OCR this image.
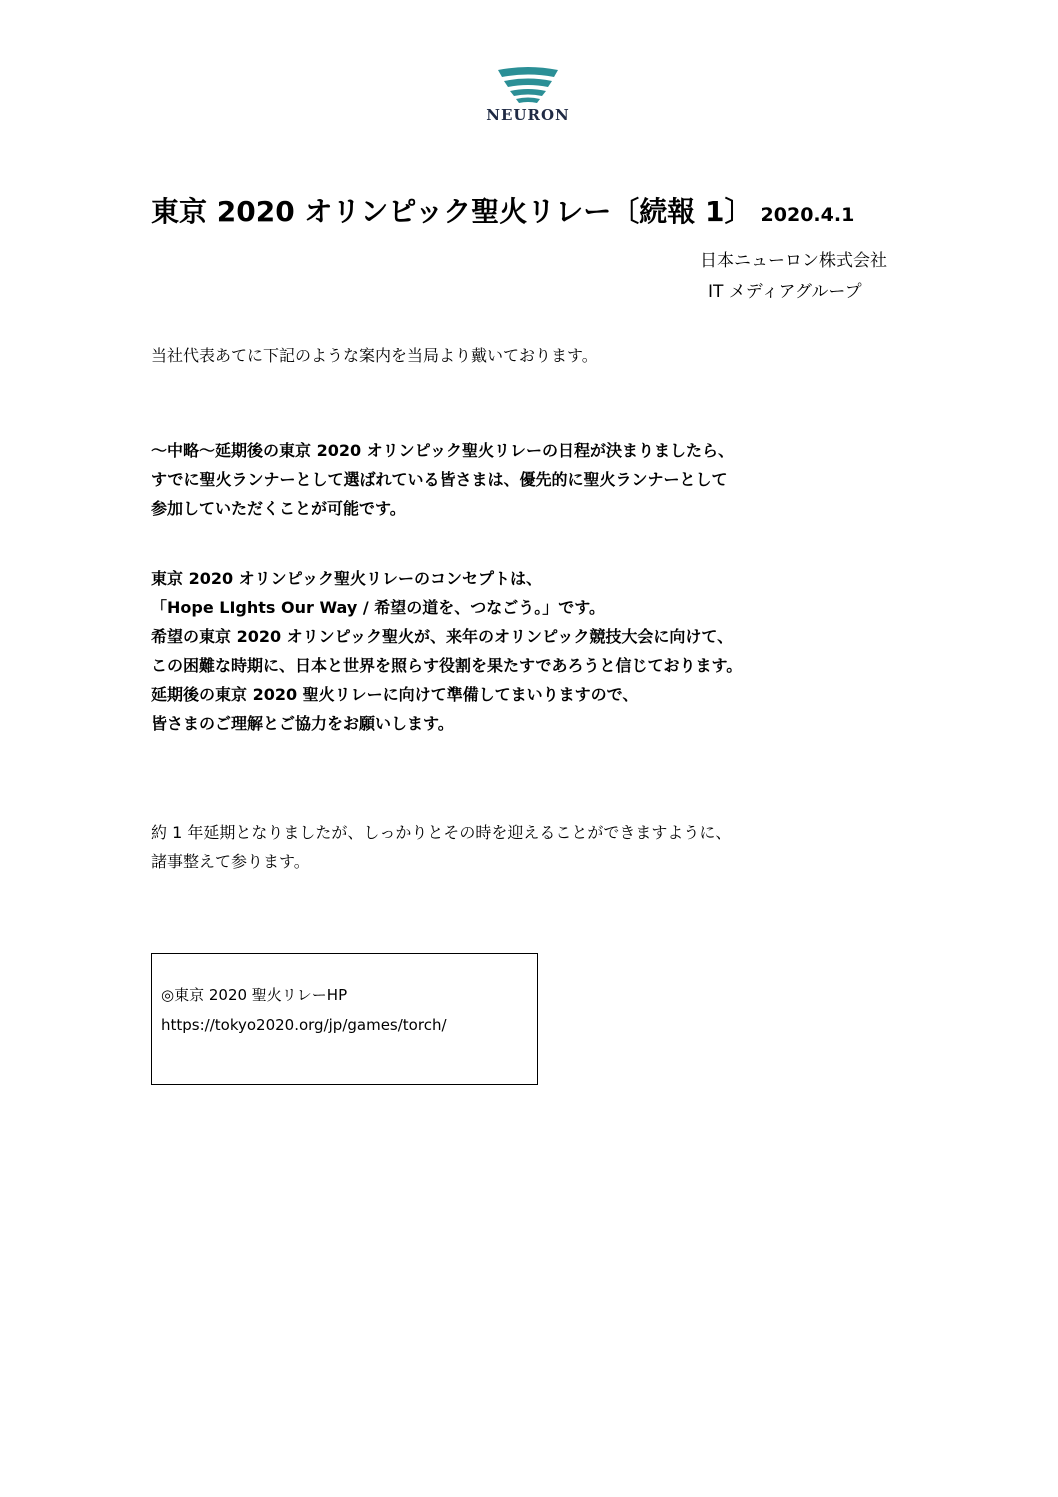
NEURON
東京 2020 オリンピック聖火リレー〔続報 1〕 2020.4.1
日本ニューロン株式会社
IT メディアグループ
当社代表あてに下記のような案内を当局より戴いております。
〜中略〜延期後の東京 2020 オリンピック聖火リレーの日程が決まりましたら、
すでに聖火ランナーとして選ばれている皆さまは、優先的に聖火ランナーとして
参加していただくことが可能です。
東京 2020 オリンピック聖火リレーのコンセプトは、
「Hope LIghts Our Way / 希望の道を、つなごう。」です。
希望の東京 2020 オリンピック聖火が、来年のオリンピック競技大会に向けて、
この困難な時期に、日本と世界を照らす役割を果たすであろうと信じております。
延期後の東京 2020 聖火リレーに向けて準備してまいりますので、
皆さまのご理解とご協力をお願いします。
約 1 年延期となりましたが、しっかりとその時を迎えることができますように、
諸事整えて参ります。
◎東京 2020 聖火リレーHP
https://tokyo2020.org/jp/games/torch/
